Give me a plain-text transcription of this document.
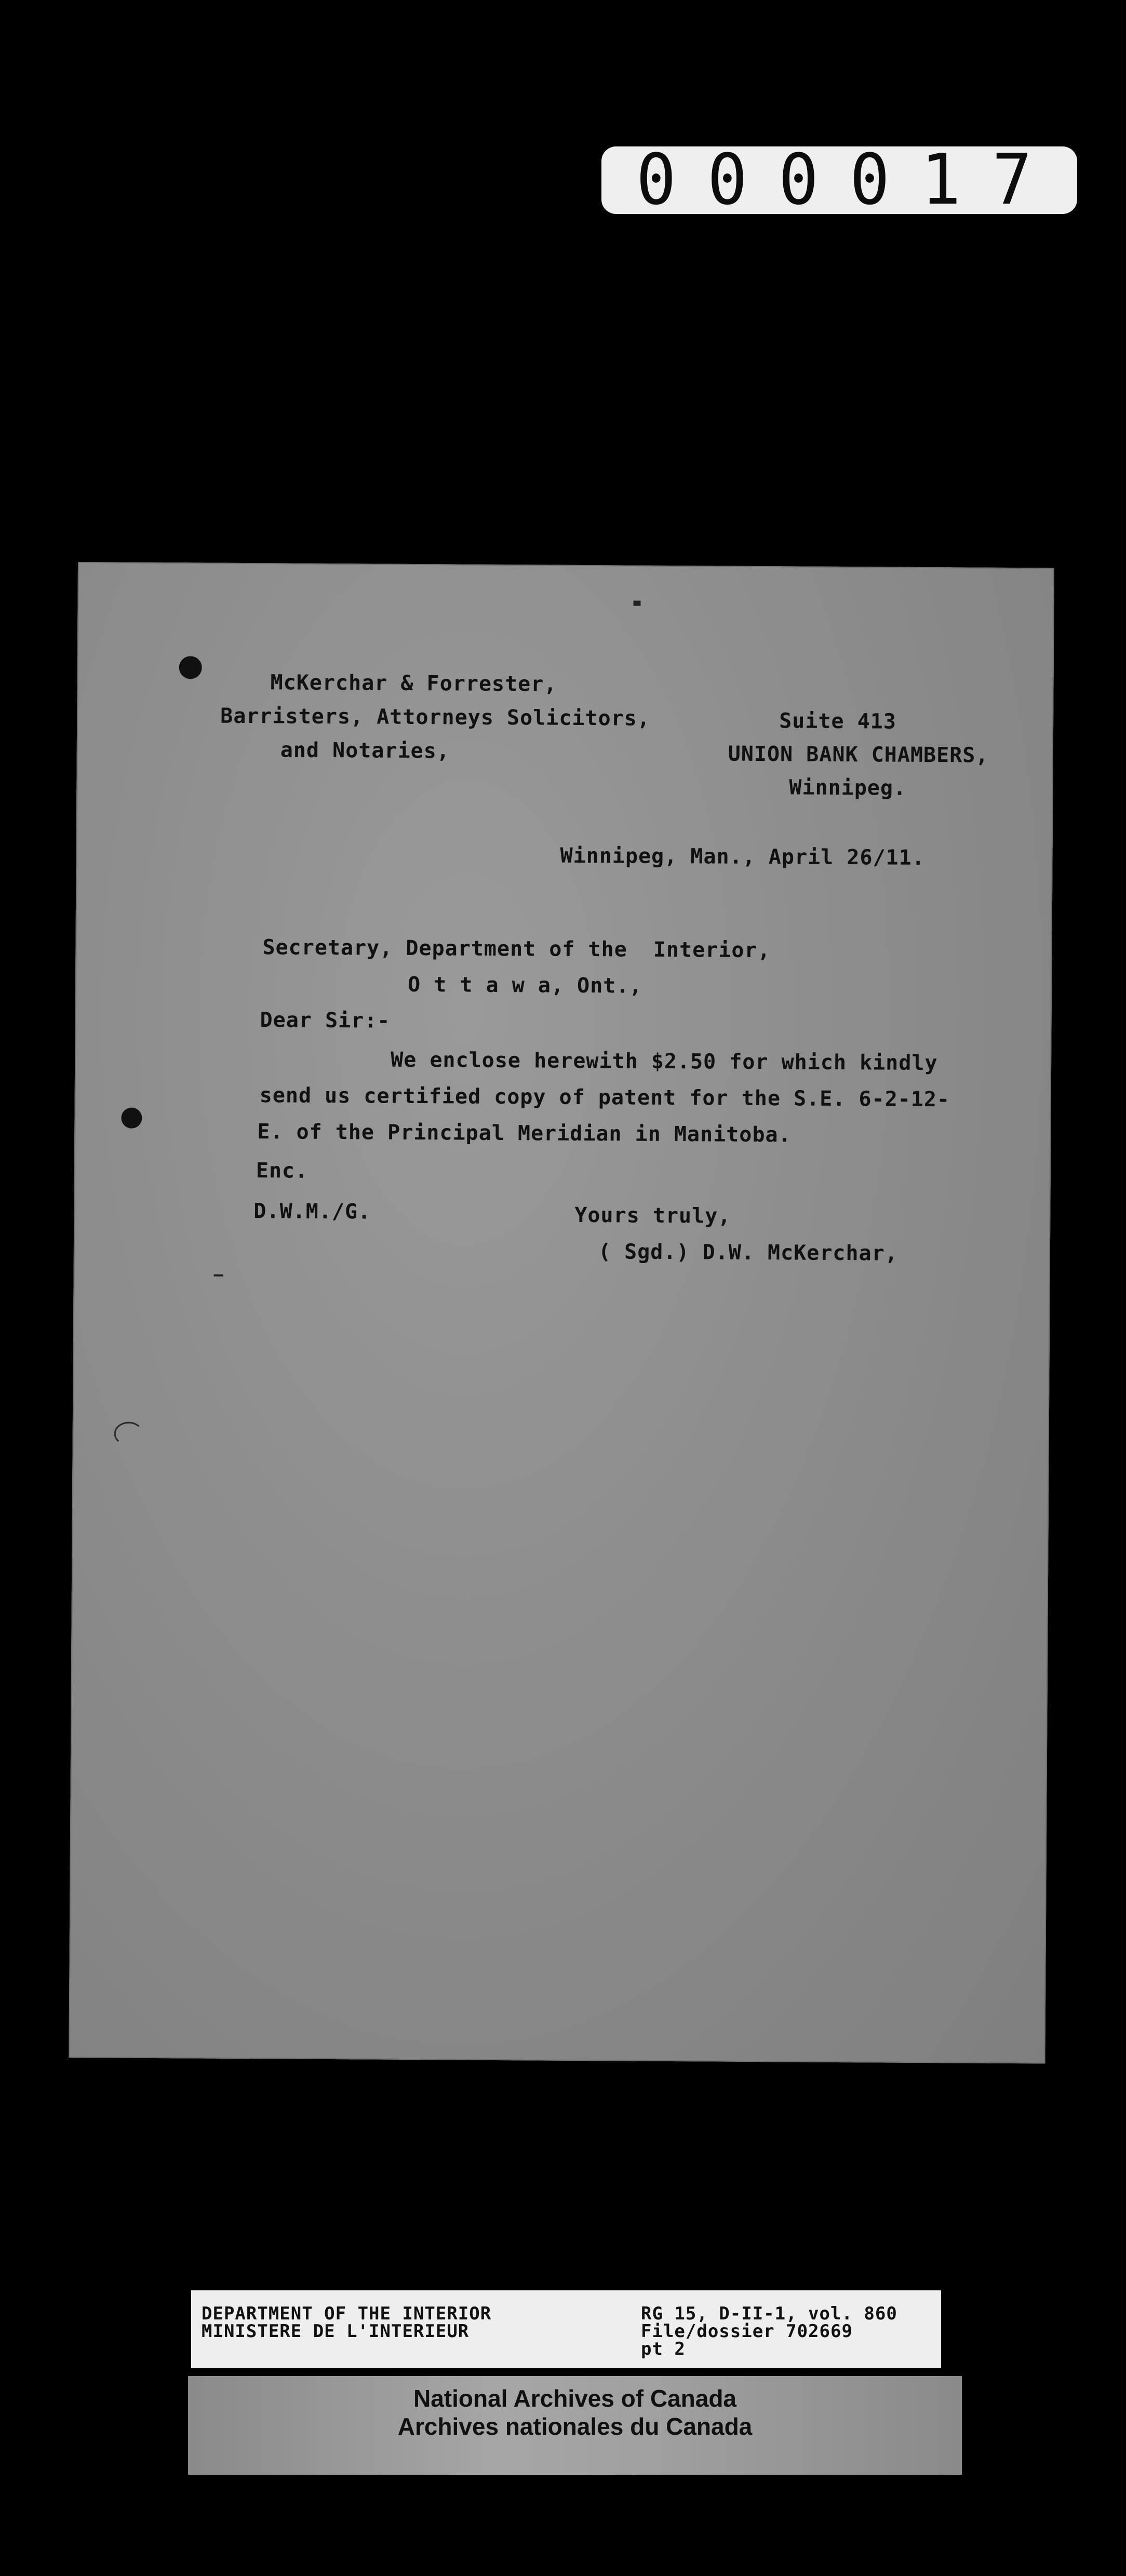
000017
McKerchar & Forrester,
Barristers, Attorneys Solicitors,
and Notaries,
Suite 413
UNION BANK CHAMBERS,
Winnipeg.
Winnipeg, Man., April 26/11.
Secretary, Department of the  Interior,
O t t a w a, Ont.,
Dear Sir:-
We enclose herewith $2.50 for which kindly
send us certified copy of patent for the S.E. 6-2-12-
E. of the Principal Meridian in Manitoba.
Enc.
D.W.M./G.	Yours truly,
( Sgd.) D.W. McKerchar,
DEPARTMENT OF THE INTERIOR
MINISTERE DE L'INTERIEUR
RG 15, D-II-1, vol. 860
File/dossier 702669
pt 2
National Archives of Canada
Archives nationales du Canada
